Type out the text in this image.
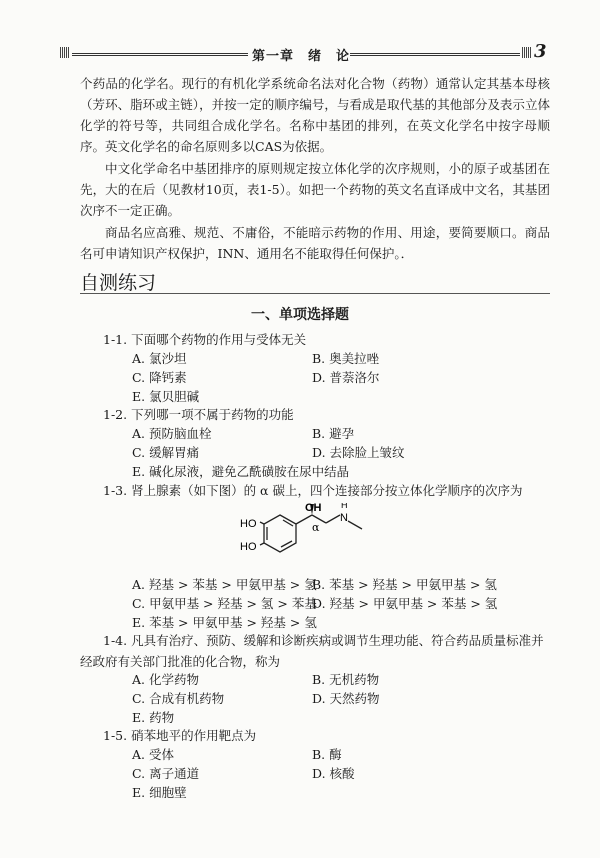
第一章　绪　论	3
个药品的化学名。现行的有机化学系统命名法对化合物（药物）通常认定其基本母核（芳环、脂环或主链），并按一定的顺序编号，与看成是取代基的其他部分及表示立体化学的符号等，共同组合成化学名。名称中基团的排列，在英文化学名中按字母顺序。英文化学名的命名原则多以CAS为依据。
中文化学命名中基团排序的原则规定按立体化学的次序规则，小的原子或基团在先，大的在后（见教材10页，表1-5）。如把一个药物的英文名直译成中文名，其基团次序不一定正确。
商品名应高雅、规范、不庸俗，不能暗示药物的作用、用途，要简要顺口。商品名可申请知识产权保护，INN、通用名不能取得任何保护。．
自测练习
一、单项选择题
1-1. 下面哪个药物的作用与受体无关
A. 氯沙坦	B. 奥美拉唑
C. 降钙素	D. 普萘洛尔
E. 氯贝胆碱
1-2. 下列哪一项不属于药物的功能
A. 预防脑血栓	B. 避孕
C. 缓解胃痛	D. 去除脸上皱纹
E. 碱化尿液，避免乙酰磺胺在尿中结晶
1-3. 肾上腺素（如下图）的 α 碳上，四个连接部分按立体化学顺序的次序为
HO
HO
OH
α
H
N
A. 羟基 > 苯基 > 甲氨甲基 > 氢
B. 苯基 > 羟基 > 甲氨甲基 > 氢
C. 甲氨甲基 > 羟基 > 氢 > 苯基
D. 羟基 > 甲氨甲基 > 苯基 > 氢
E. 苯基 > 甲氨甲基 > 羟基 > 氢
1-4. 凡具有治疗、预防、缓解和诊断疾病或调节生理功能、符合药品质量标准并经政府有关部门批准的化合物，称为
A. 化学药物	B. 无机药物
C. 合成有机药物	D. 天然药物
E. 药物
1-5. 硝苯地平的作用靶点为
A. 受体	B. 酶
C. 离子通道	D. 核酸
E. 细胞壁
